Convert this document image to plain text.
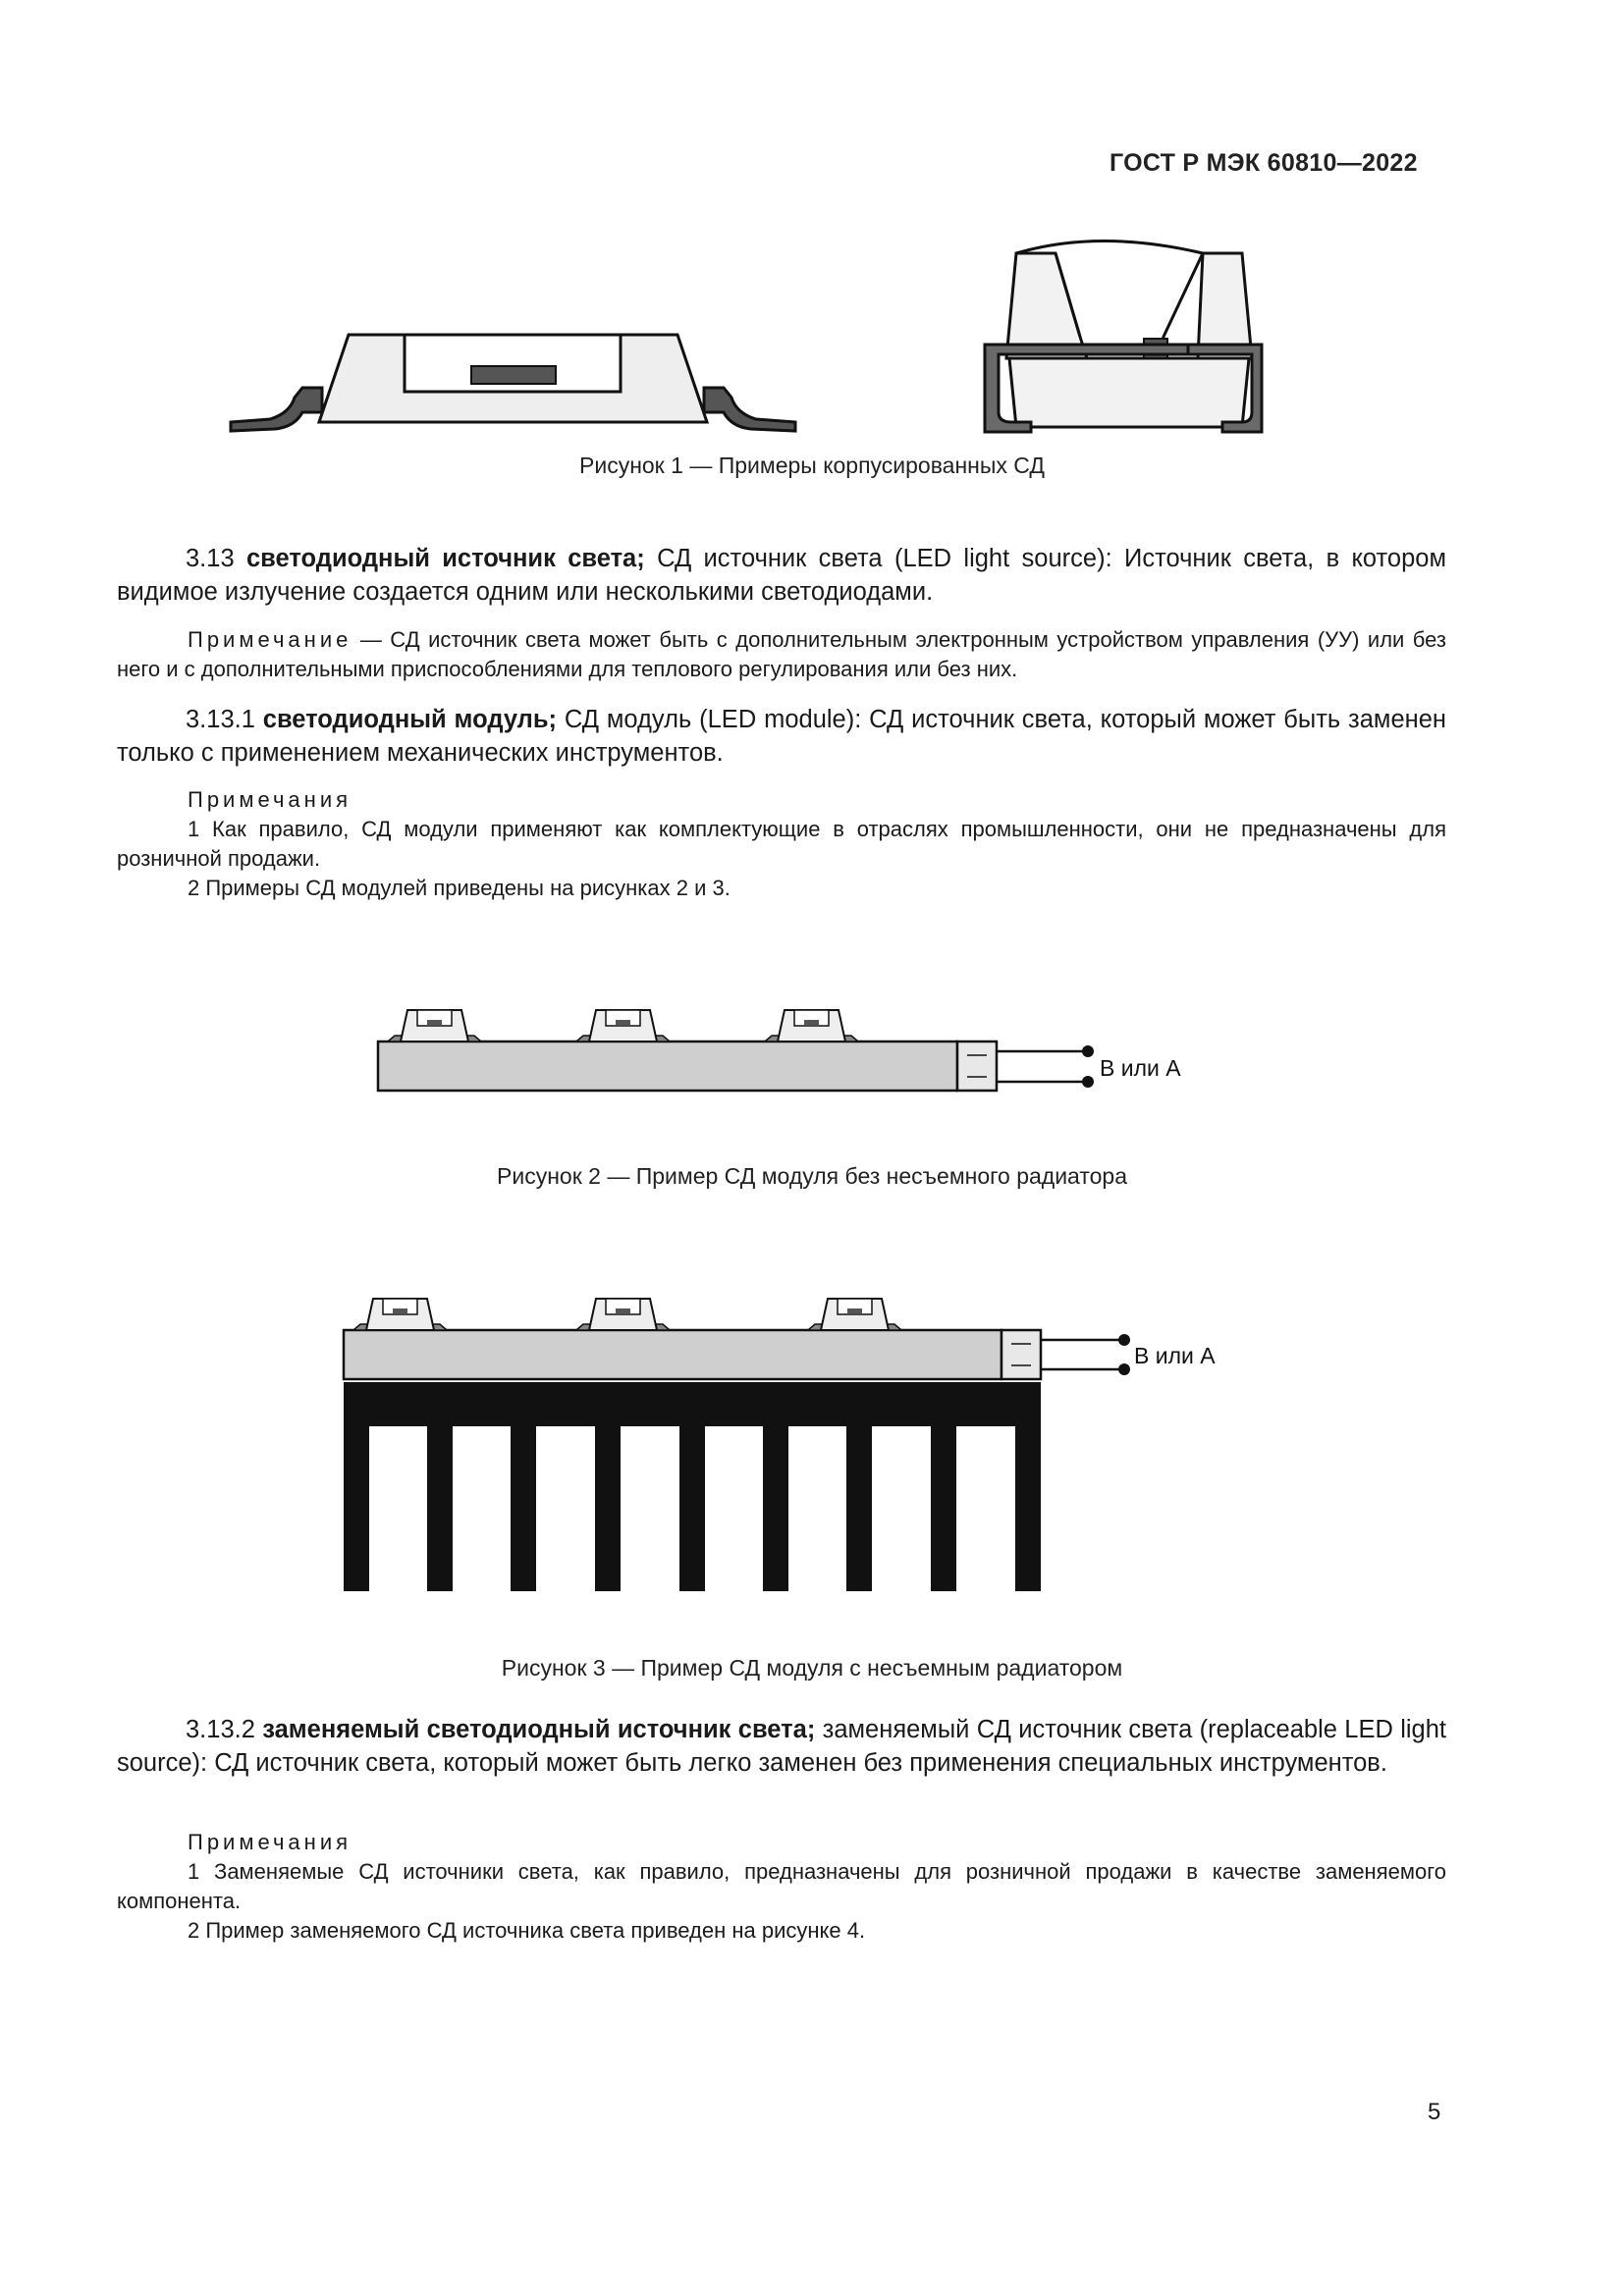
ГОСТ Р МЭК 60810—2022
Рисунок 1 — Примеры корпусированных СД
3.13 светодиодный источник света; СД источник света (LED light source): Источник света, в котором видимое излучение создается одним или несколькими светодиодами.
Примечание — СД источник света может быть с дополнительным электронным устройством управления (УУ) или без него и с дополнительными приспособлениями для теплового регулирования или без них.
3.13.1 светодиодный модуль; СД модуль (LED module): СД источник света, который может быть заменен только с применением механических инструментов.
Примечания
1 Как правило, СД модули применяют как комплектующие в отраслях промышленности, они не предназначены для розничной продажи.
2 Примеры СД модулей приведены на рисунках 2 и 3.
В или А
Рисунок 2 — Пример СД модуля без несъемного радиатора
В или А
Рисунок 3 — Пример СД модуля с несъемным радиатором
3.13.2 заменяемый светодиодный источник света; заменяемый СД источник света (replaceable LED light source): СД источник света, который может быть легко заменен без применения специальных инструментов.
Примечания
1 Заменяемые СД источники света, как правило, предназначены для розничной продажи в качестве заменяемого компонента.
2 Пример заменяемого СД источника света приведен на рисунке 4.
5
